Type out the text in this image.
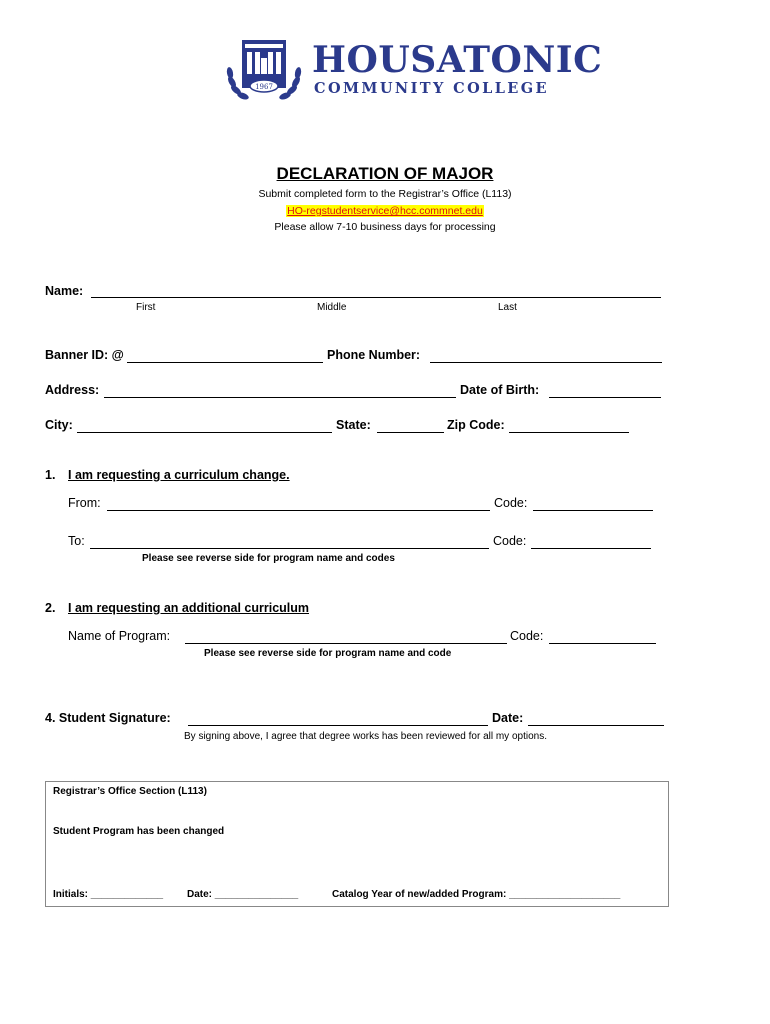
1967
HOUSATONIC
COMMUNITY COLLEGE
DECLARATION OF MAJOR
Submit completed form to the Registrar’s Office (L113)
HO-regstudentservice@hcc.commnet.edu
Please allow 7-10 business days for processing
Name:
First	Middle	Last
Banner ID: @	Phone Number:
Address:	Date of Birth:
City:	State:	Zip Code:
1. I am requesting a curriculum change.
From:	Code:
To:	Code:
Please see reverse side for program name and codes
2. I am requesting an additional curriculum
Name of Program:	Code:
Please see reverse side for program name and code
4. Student Signature:	Date:
By signing above, I agree that degree works has been reviewed for all my options.
Registrar’s Office Section (L113)
Student Program has been changed
Initials: _____________ Date: _______________	Catalog Year of new/added Program: ____________________
